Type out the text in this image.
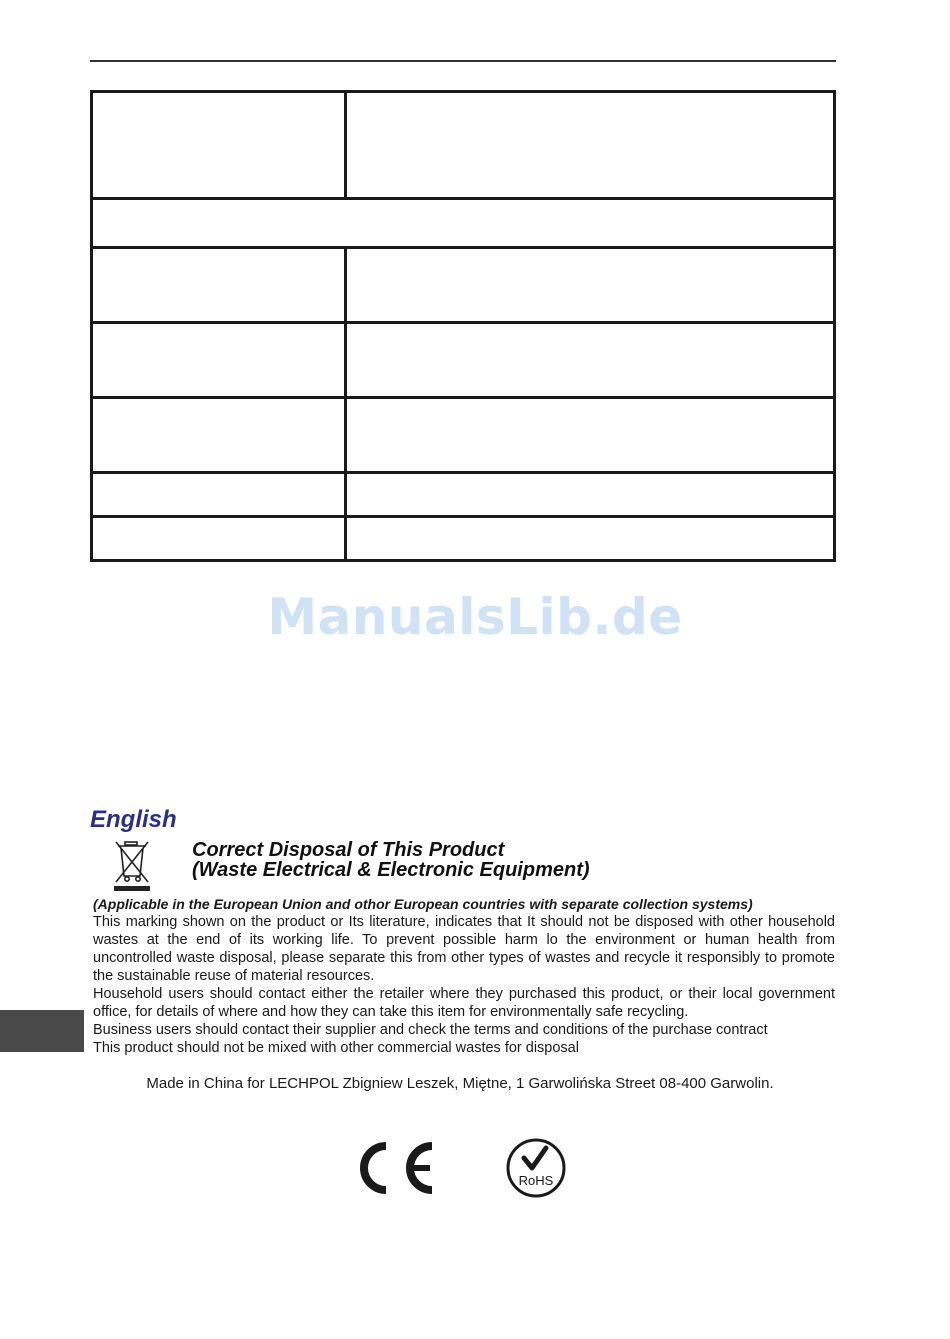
ManualsLib.de
English
Correct Disposal of This Product
(Waste Electrical & Electronic Equipment)

(Applicable in the European Union and othor European countries with separate collection systems)

This marking shown on the product or Its literature, indicates that It should not be disposed with other household wastes at the end of its working life. To prevent possible harm lo the environment or human health from uncontrolled waste disposal, please separate this from other types of wastes and recycle it responsibly to promote the sustainable reuse of material resources.

Household users should contact either the retailer where they purchased this product, or their local government office, for details of where and how they can take this item for environmentally safe recycling.

Business users should contact their supplier and check the terms and conditions of the purchase contract

This product should not be mixed with other commercial wastes for disposal

Made in China for LECHPOL Zbigniew Leszek, Miętne, 1 Garwolińska Street 08-400 Garwolin.
RoHS
